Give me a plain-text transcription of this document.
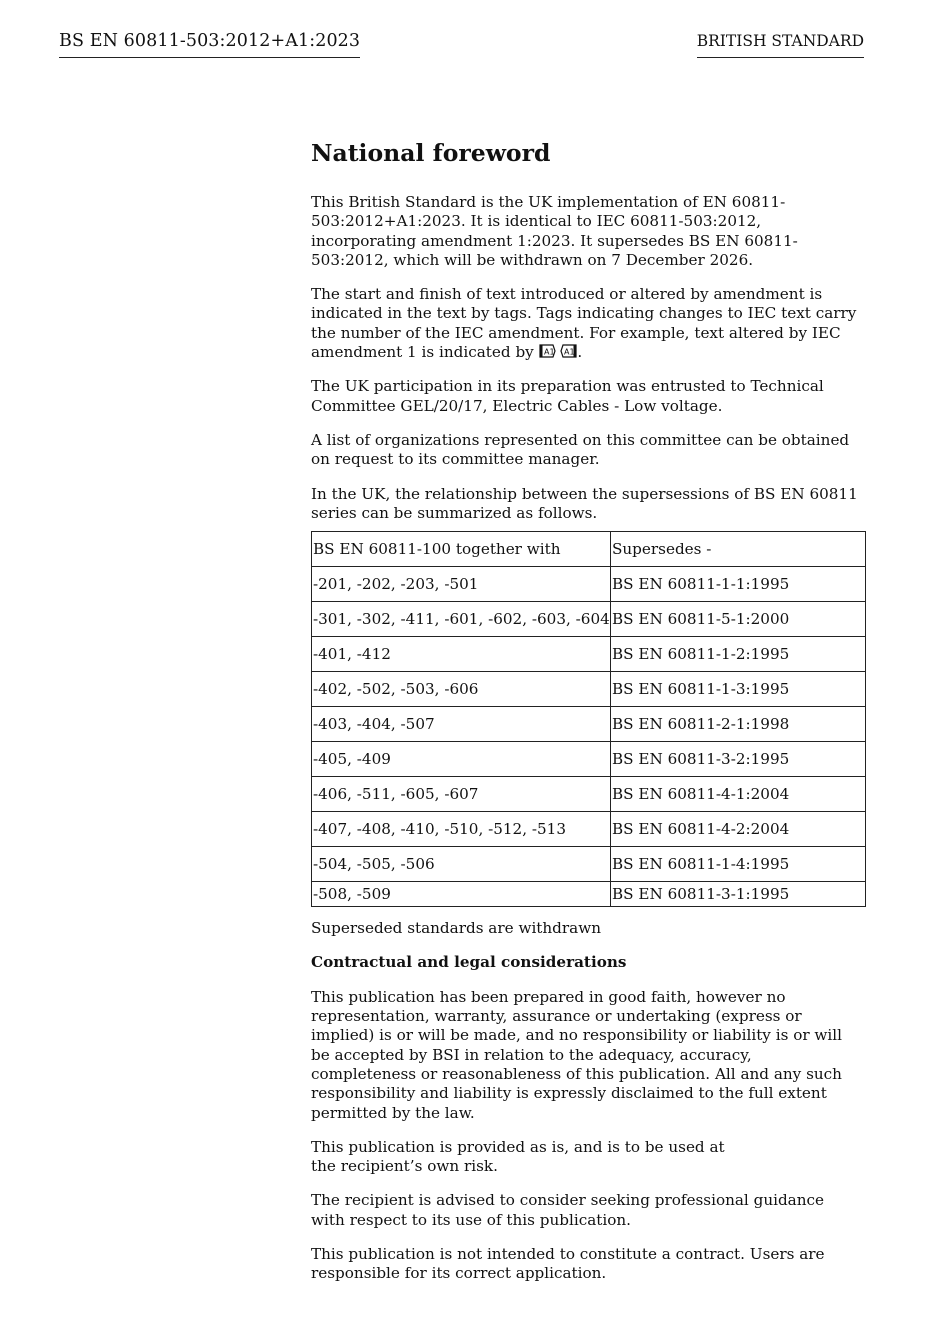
BS EN 60811-503:2012+A1:2023	BRITISH STANDARD
National foreword

This British Standard is the UK implementation of EN 60811-503:2012+A1:2023. It is identical to IEC 60811-503:2012, incorporating amendment 1:2023. It supersedes BS EN 60811-503:2012, which will be withdrawn on 7 December 2026.

The start and finish of text introduced or altered by amendment is indicated in the text by tags. Tags indicating changes to IEC text carry the number of the IEC amendment. For example, text altered by IEC amendment 1 is indicated by A1
A1 .

The UK participation in its preparation was entrusted to Technical Committee GEL/20/17, Electric Cables - Low voltage.

A list of organizations represented on this committee can be obtained on request to its committee manager.

In the UK, the relationship between the supersessions of BS EN 60811 series can be summarized as follows.

BS EN 60811-100 together with	Supersedes -
-201, -202, -203, -501	BS EN 60811-1-1:1995
-301, -302, -411, -601, -602, -603, -604	BS EN 60811-5-1:2000
-401, -412	BS EN 60811-1-2:1995
-402, -502, -503, -606	BS EN 60811-1-3:1995
-403, -404, -507	BS EN 60811-2-1:1998
-405, -409	BS EN 60811-3-2:1995
-406, -511, -605, -607	BS EN 60811-4-1:2004
-407, -408, -410, -510, -512, -513	BS EN 60811-4-2:2004
-504, -505, -506	BS EN 60811-1-4:1995
-508, -509	BS EN 60811-3-1:1995

Superseded standards are withdrawn

Contractual and legal considerations

This publication has been prepared in good faith, however no representation, warranty, assurance or undertaking (express or implied) is or will be made, and no responsibility or liability is or will be accepted by BSI in relation to the adequacy, accuracy, completeness or reasonableness of this publication. All and any such responsibility and liability is expressly disclaimed to the full extent permitted by the law.

This publication is provided as is, and is to be used at the recipient’s own risk.

The recipient is advised to consider seeking professional guidance with respect to its use of this publication.

This publication is not intended to constitute a contract. Users are responsible for its correct application.
